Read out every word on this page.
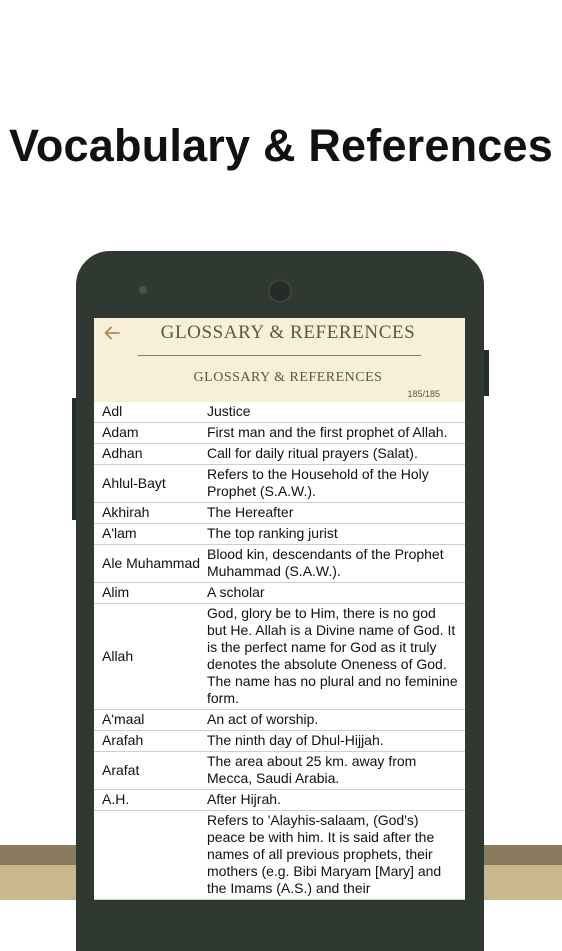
Vocabulary & References
GLOSSARY & REFERENCES
GLOSSARY & REFERENCES
185/185
Adl	Justice
Adam	First man and the first prophet of Allah.
Adhan	Call for daily ritual prayers (Salat).
Ahlul-Bayt	Refers to the Household of the Holy Prophet (S.A.W.).
Akhirah	The Hereafter
A'lam	The top ranking jurist
Ale Muhammad	Blood kin, descendants of the Prophet Muhammad (S.A.W.).
Alim	A scholar
Allah	God, glory be to Him, there is no god but He. Allah is a Divine name of God. It is the perfect name for God as it truly denotes the absolute Oneness of God. The name has no plural and no feminine form.
A'maal	An act of worship.
Arafah	The ninth day of Dhul-Hijjah.
Arafat	The area about 25 km. away from Mecca, Saudi Arabia.
A.H.	After Hijrah.
	Refers to 'Alayhis-salaam, (God's) peace be with him. It is said after the names of all previous prophets, their mothers (e.g. Bibi Maryam [Mary] and the Imams (A.S.) and their
